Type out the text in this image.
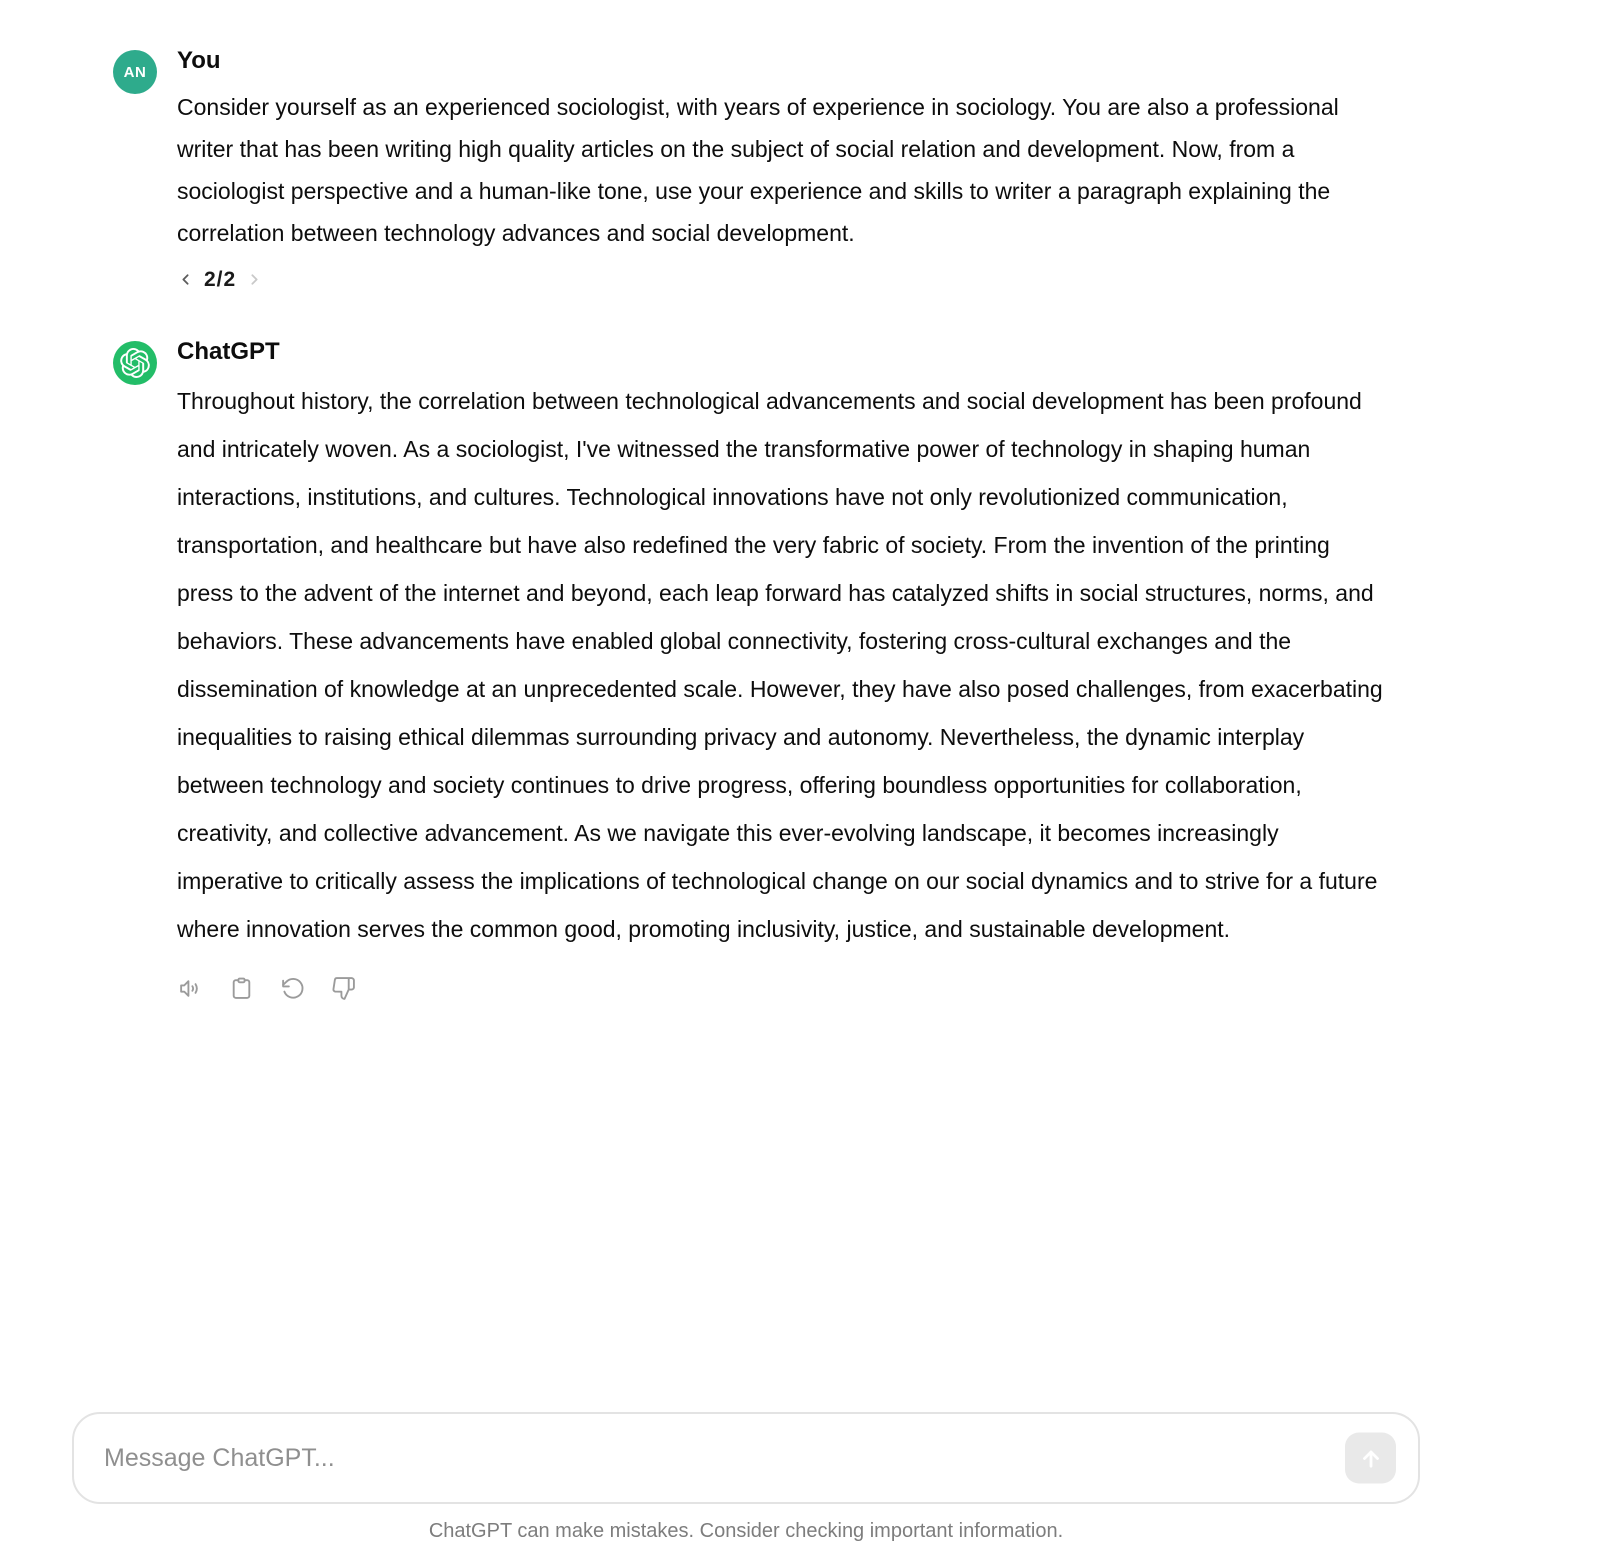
AN You
Consider yourself as an experienced sociologist, with years of experience in sociology. You are also a professional writer that has been writing high quality articles on the subject of social relation and development. Now, from a sociologist perspective and a human-like tone, use your experience and skills to writer a paragraph explaining the correlation between technology advances and social development.
2/2
ChatGPT
Throughout history, the correlation between technological advancements and social development has been profound and intricately woven. As a sociologist, I've witnessed the transformative power of technology in shaping human interactions, institutions, and cultures. Technological innovations have not only revolutionized communication, transportation, and healthcare but have also redefined the very fabric of society. From the invention of the printing press to the advent of the internet and beyond, each leap forward has catalyzed shifts in social structures, norms, and behaviors. These advancements have enabled global connectivity, fostering cross-cultural exchanges and the dissemination of knowledge at an unprecedented scale. However, they have also posed challenges, from exacerbating inequalities to raising ethical dilemmas surrounding privacy and autonomy. Nevertheless, the dynamic interplay between technology and society continues to drive progress, offering boundless opportunities for collaboration, creativity, and collective advancement. As we navigate this ever-evolving landscape, it becomes increasingly imperative to critically assess the implications of technological change on our social dynamics and to strive for a future where innovation serves the common good, promoting inclusivity, justice, and sustainable development.
Message ChatGPT...
ChatGPT can make mistakes. Consider checking important information.
